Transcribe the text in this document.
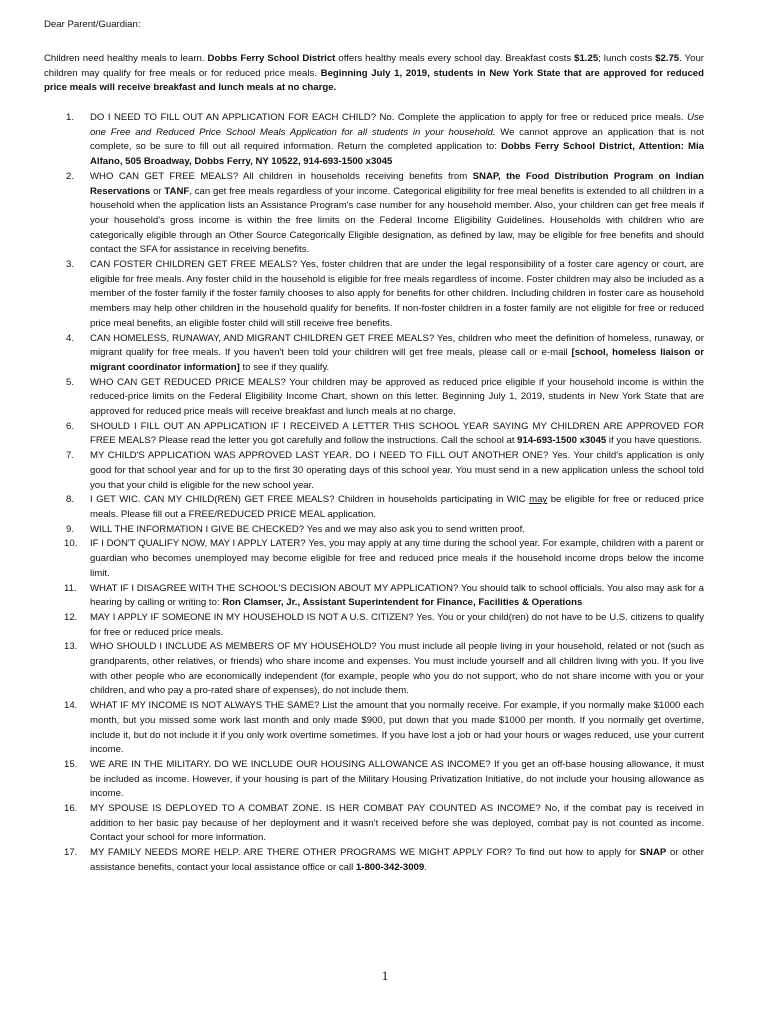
Dear Parent/Guardian:

Children need healthy meals to learn. Dobbs Ferry School District offers healthy meals every school day. Breakfast costs $1.25; lunch costs $2.75. Your children may qualify for free meals or for reduced price meals. Beginning July 1, 2019, students in New York State that are approved for reduced price meals will receive breakfast and lunch meals at no charge.

1.	DO I NEED TO FILL OUT AN APPLICATION FOR EACH CHILD? No. Complete the application to apply for free or reduced price meals. Use one Free and Reduced Price School Meals Application for all students in your household. We cannot approve an application that is not complete, so be sure to fill out all required information. Return the completed application to: Dobbs Ferry School District, Attention: Mia Alfano, 505 Broadway, Dobbs Ferry, NY 10522, 914-693-1500 x3045
2.	WHO CAN GET FREE MEALS? All children in households receiving benefits from SNAP, the Food Distribution Program on Indian Reservations or TANF, can get free meals regardless of your income. Categorical eligibility for free meal benefits is extended to all children in a household when the application lists an Assistance Program's case number for any household member. Also, your children can get free meals if your household's gross income is within the free limits on the Federal Income Eligibility Guidelines. Households with children who are categorically eligible through an Other Source Categorically Eligible designation, as defined by law, may be eligible for free benefits and should contact the SFA for assistance in receiving benefits.
3.	CAN FOSTER CHILDREN GET FREE MEALS? Yes, foster children that are under the legal responsibility of a foster care agency or court, are eligible for free meals. Any foster child in the household is eligible for free meals regardless of income. Foster children may also be included as a member of the foster family if the foster family chooses to also apply for benefits for other children. Including children in foster care as household members may help other children in the household qualify for benefits. If non-foster children in a foster family are not eligible for free or reduced price meal benefits, an eligible foster child will still receive free benefits.
4.	CAN HOMELESS, RUNAWAY, AND MIGRANT CHILDREN GET FREE MEALS? Yes, children who meet the definition of homeless, runaway, or migrant qualify for free meals. If you haven't been told your children will get free meals, please call or e-mail [school, homeless liaison or migrant coordinator information] to see if they qualify.
5.	WHO CAN GET REDUCED PRICE MEALS? Your children may be approved as reduced price eligible if your household income is within the reduced-price limits on the Federal Eligibility Income Chart, shown on this letter. Beginning July 1, 2019, students in New York State that are approved for reduced price meals will receive breakfast and lunch meals at no charge.
6.	SHOULD I FILL OUT AN APPLICATION IF I RECEIVED A LETTER THIS SCHOOL YEAR SAYING MY CHILDREN ARE APPROVED FOR FREE MEALS? Please read the letter you got carefully and follow the instructions. Call the school at 914-693-1500 x3045 if you have questions.
7.	MY CHILD'S APPLICATION WAS APPROVED LAST YEAR. DO I NEED TO FILL OUT ANOTHER ONE? Yes. Your child's application is only good for that school year and for up to the first 30 operating days of this school year. You must send in a new application unless the school told you that your child is eligible for the new school year.
8.	I GET WIC. CAN MY CHILD(REN) GET FREE MEALS? Children in households participating in WIC may be eligible for free or reduced price meals. Please fill out a FREE/REDUCED PRICE MEAL application.
9.	WILL THE INFORMATION I GIVE BE CHECKED? Yes and we may also ask you to send written proof.
10.	IF I DON'T QUALIFY NOW, MAY I APPLY LATER? Yes, you may apply at any time during the school year. For example, children with a parent or guardian who becomes unemployed may become eligible for free and reduced price meals if the household income drops below the income limit.
11.	WHAT IF I DISAGREE WITH THE SCHOOL'S DECISION ABOUT MY APPLICATION? You should talk to school officials. You also may ask for a hearing by calling or writing to: Ron Clamser, Jr., Assistant Superintendent for Finance, Facilities & Operations
12.	MAY I APPLY IF SOMEONE IN MY HOUSEHOLD IS NOT A U.S. CITIZEN? Yes. You or your child(ren) do not have to be U.S. citizens to qualify for free or reduced price meals.
13.	WHO SHOULD I INCLUDE AS MEMBERS OF MY HOUSEHOLD? You must include all people living in your household, related or not (such as grandparents, other relatives, or friends) who share income and expenses. You must include yourself and all children living with you. If you live with other people who are economically independent (for example, people who you do not support, who do not share income with you or your children, and who pay a pro-rated share of expenses), do not include them.
14.	WHAT IF MY INCOME IS NOT ALWAYS THE SAME? List the amount that you normally receive. For example, if you normally make $1000 each month, but you missed some work last month and only made $900, put down that you made $1000 per month. If you normally get overtime, include it, but do not include it if you only work overtime sometimes. If you have lost a job or had your hours or wages reduced, use your current income.
15.	WE ARE IN THE MILITARY. DO WE INCLUDE OUR HOUSING ALLOWANCE AS INCOME? If you get an off-base housing allowance, it must be included as income. However, if your housing is part of the Military Housing Privatization Initiative, do not include your housing allowance as income.
16.	MY SPOUSE IS DEPLOYED TO A COMBAT ZONE. IS HER COMBAT PAY COUNTED AS INCOME? No, if the combat pay is received in addition to her basic pay because of her deployment and it wasn't received before she was deployed, combat pay is not counted as income. Contact your school for more information.
17.	MY FAMILY NEEDS MORE HELP. ARE THERE OTHER PROGRAMS WE MIGHT APPLY FOR? To find out how to apply for SNAP or other assistance benefits, contact your local assistance office or call 1-800-342-3009.
1
